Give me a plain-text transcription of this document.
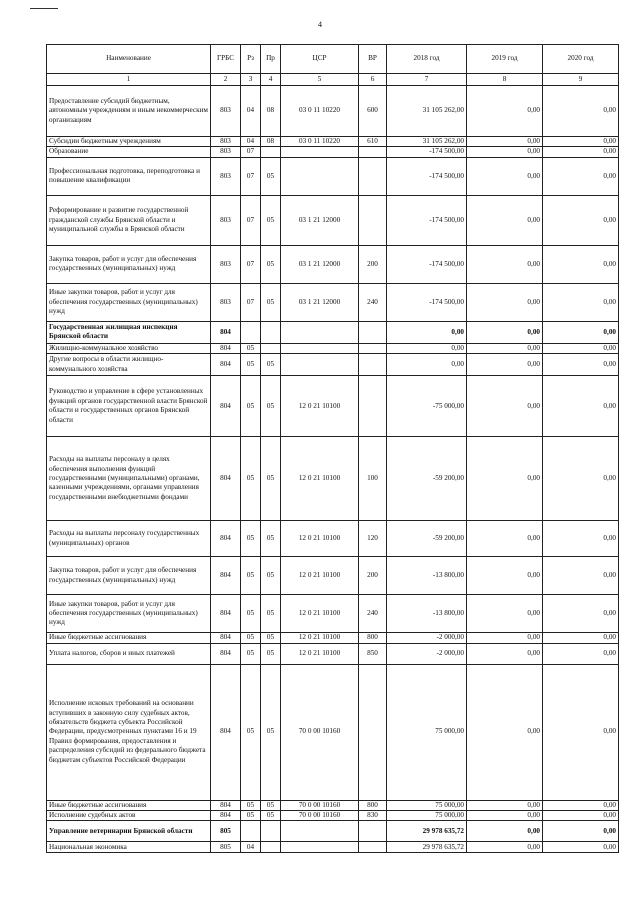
4
Наименование	ГРБС	Рз	Пр	ЦСР	ВР	2018 год	2019 год	2020 год
1	2	3	4	5	6	7	8	9
Предоставление субсидий бюджетным, автономным учреждениям и иным некоммерческим организациям	803	04	08	03 0 11 10220	600	31 105 262,00	0,00	0,00
Субсидии бюджетным учреждениям	803	04	08	03 0 11 10220	610	31 105 262,00	0,00	0,00
Образование	803	07				-174 500,00	0,00	0,00
Профессиональная подготовка, переподготовка и повышение квалификации	803	07	05			-174 500,00	0,00	0,00
Реформирование и развитие государственной гражданской службы Брянской области и муниципальной службы в Брянской области	803	07	05	03 1 21 12000		-174 500,00	0,00	0,00
Закупка товаров, работ и услуг для обеспечения государственных (муниципальных) нужд	803	07	05	03 1 21 12000	200	-174 500,00	0,00	0,00
Иные закупки товаров, работ и услуг для обеспечения государственных (муниципальных) нужд	803	07	05	03 1 21 12000	240	-174 500,00	0,00	0,00
Государственная жилищная инспекция Брянской области	804					0,00	0,00	0,00
Жилищно-коммунальное хозяйство	804	05				0,00	0,00	0,00
Другие вопросы в области жилищно-коммунального хозяйства	804	05	05			0,00	0,00	0,00
Руководство и управление в сфере установленных функций органов государственной власти Брянской области и государственных органов Брянской области	804	05	05	12 0 21 10100		-75 000,00	0,00	0,00
Расходы на выплаты персоналу в целях обеспечения выполнения функций государственными (муниципальными) органами, казенными учреждениями, органами управления государственными внебюджетными фондами	804	05	05	12 0 21 10100	100	-59 200,00	0,00	0,00
Расходы на выплаты персоналу государственных (муниципальных) органов	804	05	05	12 0 21 10100	120	-59 200,00	0,00	0,00
Закупка товаров, работ и услуг для обеспечения государственных (муниципальных) нужд	804	05	05	12 0 21 10100	200	-13 800,00	0,00	0,00
Иные закупки товаров, работ и услуг для обеспечения государственных (муниципальных) нужд	804	05	05	12 0 21 10100	240	-13 800,00	0,00	0,00
Иные бюджетные ассигнования	804	05	05	12 0 21 10100	800	-2 000,00	0,00	0,00
Уплата налогов, сборов и иных платежей	804	05	05	12 0 21 10100	850	-2 000,00	0,00	0,00
Исполнение исковых требований на основании вступивших в законную силу судебных актов, обязательств бюджета субъекта Российской Федерации, предусмотренных пунктами 16 и 19 Правил формирования, предоставления и распределения субсидий из федерального бюджета бюджетам субъектов Российской Федерации	804	05	05	70 0 00 10160		75 000,00	0,00	0,00
Иные бюджетные ассигнования	804	05	05	70 0 00 10160	800	75 000,00	0,00	0,00
Исполнение судебных актов	804	05	05	70 0 00 10160	830	75 000,00	0,00	0,00
Управление ветеринарии Брянской области	805					29 978 635,72	0,00	0,00
Национальная экономика	805	04				29 978 635,72	0,00	0,00
